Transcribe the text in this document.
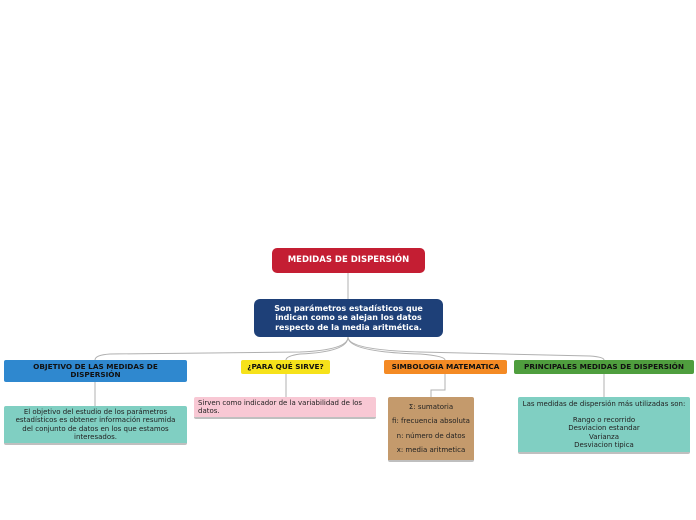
MEDIDAS DE DISPERSIÓN
Son parámetros estadísticos que indican como se alejan los datos respecto de la media aritmética.
OBJETIVO DE LAS MEDIDAS DE DISPERSIÓN
¿PARA QUÉ SIRVE?	SIMBOLOGIA MATEMATICA	PRINCIPALES MEDIDAS DE DISPERSIÓN
El objetivo del estudio de los parámetros estadísticos es obtener información resumida del conjunto de datos en los que estamos interesados.
Sirven como indicador de la variabilidad de los datos.	Σ: sumatoria
fi: frecuencia absoluta
n: número de datos
x: media aritmetica
Las medidas de dispersión más utilizadas son:
Rango o recorrido
Desviacion estandar
Varianza
Desviacion tipica
